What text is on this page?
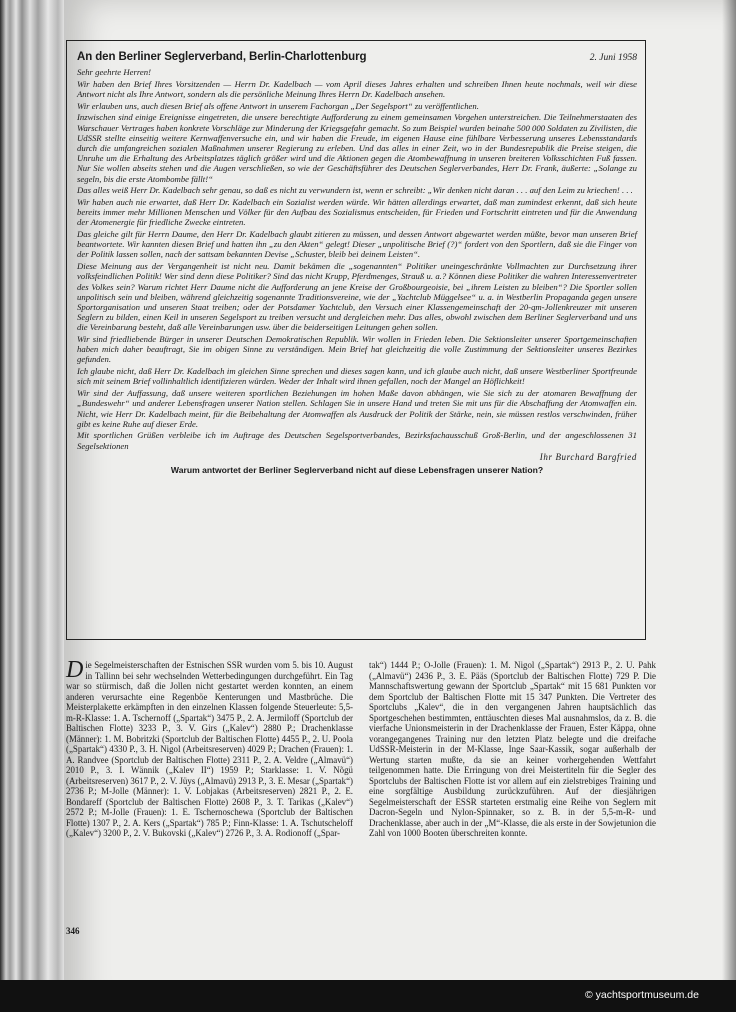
An den Berliner Seglerverband, Berlin-Charlottenburg	2. Juni 1958

Sehr geehrte Herren!

Wir haben den Brief Ihres Vorsitzenden — Herrn Dr. Kadelbach — vom April dieses Jahres erhalten und schreiben Ihnen heute nochmals, weil wir diese Antwort nicht als Ihre Antwort, sondern als die persönliche Meinung Ihres Herrn Dr. Kadelbach ansehen.

Wir erlauben uns, auch diesen Brief als offene Antwort in unserem Fachorgan „Der Segelsport“ zu veröffentlichen.

Inzwischen sind einige Ereignisse eingetreten, die unsere berechtigte Aufforderung zu einem gemeinsamen Vorgehen unterstreichen. Die Teilnehmerstaaten des Warschauer Vertrages haben konkrete Vorschläge zur Minderung der Kriegsgefahr gemacht. So zum Beispiel wurden beinahe 500 000 Soldaten zu Zivilisten, die UdSSR stellte einseitig weitere Kernwaffenversuche ein, und wir haben die Freude, im eigenen Hause eine fühlbare Verbesserung unseres Lebensstandards durch die umfangreichen sozialen Maßnahmen unserer Regierung zu erleben. Und das alles in einer Zeit, wo in der Bundesrepublik die Preise steigen, die Unruhe um die Erhaltung des Arbeitsplatzes täglich größer wird und die Aktionen gegen die Atombewaffnung in unseren breiteren Volksschichten Fuß fassen. Nur Sie wollen abseits stehen und die Augen verschließen, so wie der Geschäftsführer des Deutschen Seglerverbandes, Herr Dr. Frank, äußerte: „Solange zu segeln, bis die erste Atombombe fällt!“

Das alles weiß Herr Dr. Kadelbach sehr genau, so daß es nicht zu verwundern ist, wenn er schreibt: „Wir denken nicht daran . . . auf den Leim zu kriechen! . . .

Wir haben auch nie erwartet, daß Herr Dr. Kadelbach ein Sozialist werden würde. Wir hätten allerdings erwartet, daß man zumindest erkennt, daß sich heute bereits immer mehr Millionen Menschen und Völker für den Aufbau des Sozialismus entscheiden, für Frieden und Fortschritt eintreten und für die Anwendung der Atomenergie für friedliche Zwecke eintreten.

Das gleiche gilt für Herrn Daume, den Herr Dr. Kadelbach glaubt zitieren zu müssen, und dessen Antwort abgewartet werden müßte, bevor man unseren Brief beantwortete. Wir kannten diesen Brief und hatten ihn „zu den Akten“ gelegt! Dieser „unpolitische Brief (?)“ fordert von den Sportlern, daß sie die Finger von der Politik lassen sollen, nach der sattsam bekannten Devise „Schuster, bleib bei deinem Leisten“.

Diese Meinung aus der Vergangenheit ist nicht neu. Damit bekämen die „sogenannten“ Politiker uneingeschränkte Vollmachten zur Durchsetzung ihrer volksfeindlichen Politik! Wer sind denn diese Politiker? Sind das nicht Krupp, Pferdmenges, Strauß u. a.? Können diese Politiker die wahren Interessenvertreter des Volkes sein? Warum richtet Herr Daume nicht die Aufforderung an jene Kreise der Großbourgeoisie, bei „ihrem Leisten zu bleiben“? Die Sportler sollen unpolitisch sein und bleiben, während gleichzeitig sogenannte Traditionsvereine, wie der „Yachtclub Müggelsee“ u. a. in Westberlin Propaganda gegen unsere Sportorganisation und unseren Staat treiben; oder der Potsdamer Yachtclub, den Versuch einer Klassengemeinschaft der 20-qm-Jollenkreuzer mit unseren Seglern zu bilden, einen Keil in unseren Segelsport zu treiben versucht und dergleichen mehr. Das alles, obwohl zwischen dem Berliner Seglerverband und uns die Vereinbarung besteht, daß alle Vereinbarungen usw. über die beiderseitigen Leitungen gehen sollen.

Wir sind friedliebende Bürger in unserer Deutschen Demokratischen Republik. Wir wollen in Frieden leben. Die Sektionsleiter unserer Sportgemeinschaften haben mich daher beauftragt, Sie im obigen Sinne zu verständigen. Mein Brief hat gleichzeitig die volle Zustimmung der Sektionsleiter unseres Bezirkes gefunden.

Ich glaube nicht, daß Herr Dr. Kadelbach im gleichen Sinne sprechen und dieses sagen kann, und ich glaube auch nicht, daß unsere Westberliner Sportfreunde sich mit seinem Brief vollinhaltlich identifizieren würden. Weder der Inhalt wird ihnen gefallen, noch der Mangel an Höflichkeit!

Wir sind der Auffassung, daß unsere weiteren sportlichen Beziehungen im hohen Maße davon abhängen, wie Sie sich zu der atomaren Bewaffnung der „Bundeswehr“ und anderer Lebensfragen unserer Nation stellen. Schlagen Sie in unsere Hand und treten Sie mit uns für die Abschaffung der Atomwaffen ein. Nicht, wie Herr Dr. Kadelbach meint, für die Beibehaltung der Atomwaffen als Ausdruck der Politik der Stärke, nein, sie müssen restlos verschwinden, früher gibt es keine Ruhe auf dieser Erde.

Mit sportlichen Grüßen verbleibe ich im Auftrage des Deutschen Segelsportverbandes, Bezirksfachausschuß Groß-Berlin, und der angeschlossenen 31 Segelsektionen

Ihr Burchard Bargfried
Warum antwortet der Berliner Seglerverband nicht auf diese Lebensfragen unserer Nation?

Die Segelmeisterschaften der Estnischen SSR wurden vom 5. bis 10. August in Tallinn bei sehr wechselnden Wetterbedingungen durchgeführt. Ein Tag war so stürmisch, daß die Jollen nicht gestartet werden konnten, an einem anderen verursachte eine Regenböe Kenterungen und Mastbrüche. Die Meisterplakette erkämpften in den einzelnen Klassen folgende Steuerleute: 5,5-m-R-Klasse: 1. A. Tschernoff („Spartak“) 3475 P., 2. A. Jermiloff (Sportclub der Baltischen Flotte) 3233 P., 3. V. Girs („Kalev“) 2880 P.; Drachenklasse (Männer): 1. M. Bobritzki (Sportclub der Baltischen Flotte) 4455 P., 2. U. Poola („Spartak“) 4330 P., 3. H. Nigol (Arbeitsreserven) 4029 P.; Drachen (Frauen): 1. A. Randvee (Sportclub der Baltischen Flotte) 2311 P., 2. A. Veldre („Almavü“) 2010 P., 3. I. Wännik („Kalev II“) 1959 P.; Starklasse: 1. V. Nõgü (Arbeitsreserven) 3617 P., 2. V. Jüys („Almavü) 2913 P., 3. E. Mesar („Spartak“) 2736 P.; M-Jolle (Männer): 1. V. Lobjakas (Arbeitsreserven) 2821 P., 2. E. Bondareff (Sportclub der Baltischen Flotte) 2608 P., 3. T. Tarikas („Kalev“) 2572 P.; M-Jolle (Frauen): 1. E. Tschernoschewa (Sportclub der Baltischen Flotte) 1307 P., 2. A. Kers („Spartak“) 785 P.; Finn-Klasse: 1. A. Tschutscheloff („Kalev“) 3200 P., 2. V. Bukovski („Kalev“) 2726 P., 3. A. Rodionoff („Spar-

tak“) 1444 P.; O-Jolle (Frauen): 1. M. Nigol („Spartak“) 2913 P., 2. U. Pahk („Almavü“) 2436 P., 3. E. Pääs (Sportclub der Baltischen Flotte) 729 P. Die Mannschaftswertung gewann der Sportclub „Spartak“ mit 15 681 Punkten vor dem Sportclub der Baltischen Flotte mit 15 347 Punkten. Die Vertreter des Sportclubs „Kalev“, die in den vergangenen Jahren hauptsächlich das Sportgeschehen bestimmten, enttäuschten dieses Mal ausnahmslos, da z. B. die vierfache Unionsmeisterin in der Drachenklasse der Frauen, Ester Käppa, ohne vorangegangenes Training nur den letzten Platz belegte und die dreifache UdSSR-Meisterin in der M-Klasse, Inge Saar-Kassik, sogar außerhalb der Wertung starten mußte, da sie an keiner vorhergehenden Wettfahrt teilgenommen hatte. Die Erringung von drei Meistertiteln für die Segler des Sportclubs der Baltischen Flotte ist vor allem auf ein zielstrebiges Training und eine sorgfältige Ausbildung zurückzuführen. Auf der diesjährigen Segelmeisterschaft der ESSR starteten erstmalig eine Reihe von Seglern mit Dacron-Segeln und Nylon-Spinnaker, so z. B. in der 5,5-m-R- und Drachenklasse, aber auch in der „M“-Klasse, die als erste in der Sowjetunion die Zahl von 1000 Booten überschreiten konnte.

346
© yachtsportmuseum.de
